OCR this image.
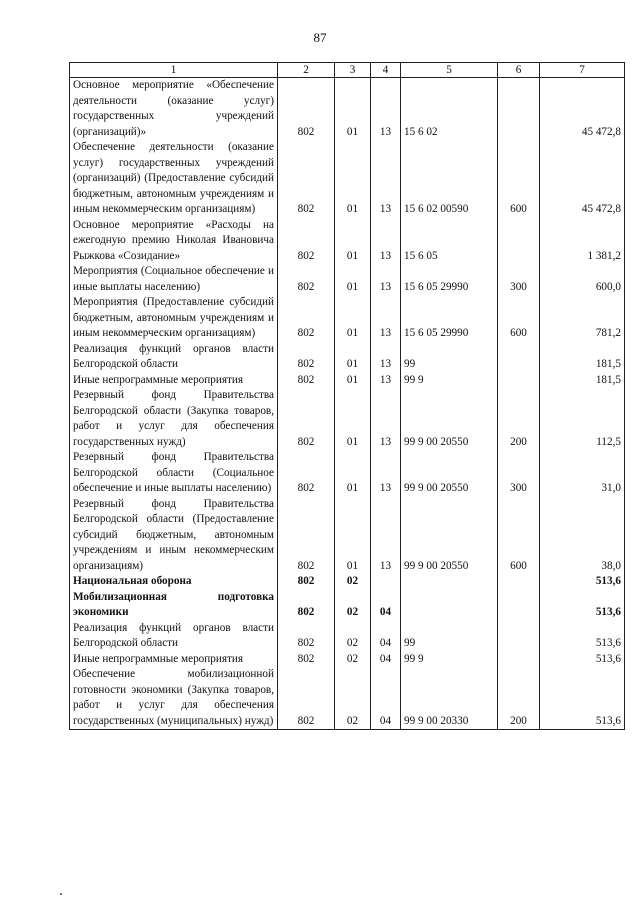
87
1	2	3	4	5	6	7
Основное мероприятие «Обеспечение деятельности (оказание услуг) государственных учреждений (организаций)»	802	01	13	15 6 02		45 472,8
Обеспечение деятельности (оказание услуг) государственных учреждений (организаций) (Предоставление субсидий бюджетным, автономным учреждениям и иным некоммерческим организациям)	802	01	13	15 6 02 00590	600	45 472,8
Основное мероприятие «Расходы на ежегодную премию Николая Ивановича Рыжкова «Созидание»	802	01	13	15 6 05		1 381,2
Мероприятия (Социальное обеспечение и иные выплаты населению)	802	01	13	15 6 05 29990	300	600,0
Мероприятия (Предоставление субсидий бюджетным, автономным учреждениям и иным некоммерческим организациям)	802	01	13	15 6 05 29990	600	781,2
Реализация функций органов власти Белгородской области	802	01	13	99		181,5
Иные непрограммные мероприятия	802	01	13	99 9		181,5
Резервный фонд Правительства Белгородской области (Закупка товаров, работ и услуг для обеспечения государственных нужд)	802	01	13	99 9 00 20550	200	112,5
Резервный фонд Правительства Белгородской области (Социальное обеспечение и иные выплаты населению)	802	01	13	99 9 00 20550	300	31,0
Резервный фонд Правительства Белгородской области (Предоставление субсидий бюджетным, автономным учреждениям и иным некоммерческим организациям)	802	01	13	99 9 00 20550	600	38,0
Национальная оборона	802	02				513,6
Мобилизационная подготовка экономики	802	02	04			513,6
Реализация функций органов власти Белгородской области	802	02	04	99		513,6
Иные непрограммные мероприятия	802	02	04	99 9		513,6
Обеспечение мобилизационной готовности экономики (Закупка товаров, работ и услуг для обеспечения государственных (муниципальных) нужд)	802	02	04	99 9 00 20330	200	513,6
